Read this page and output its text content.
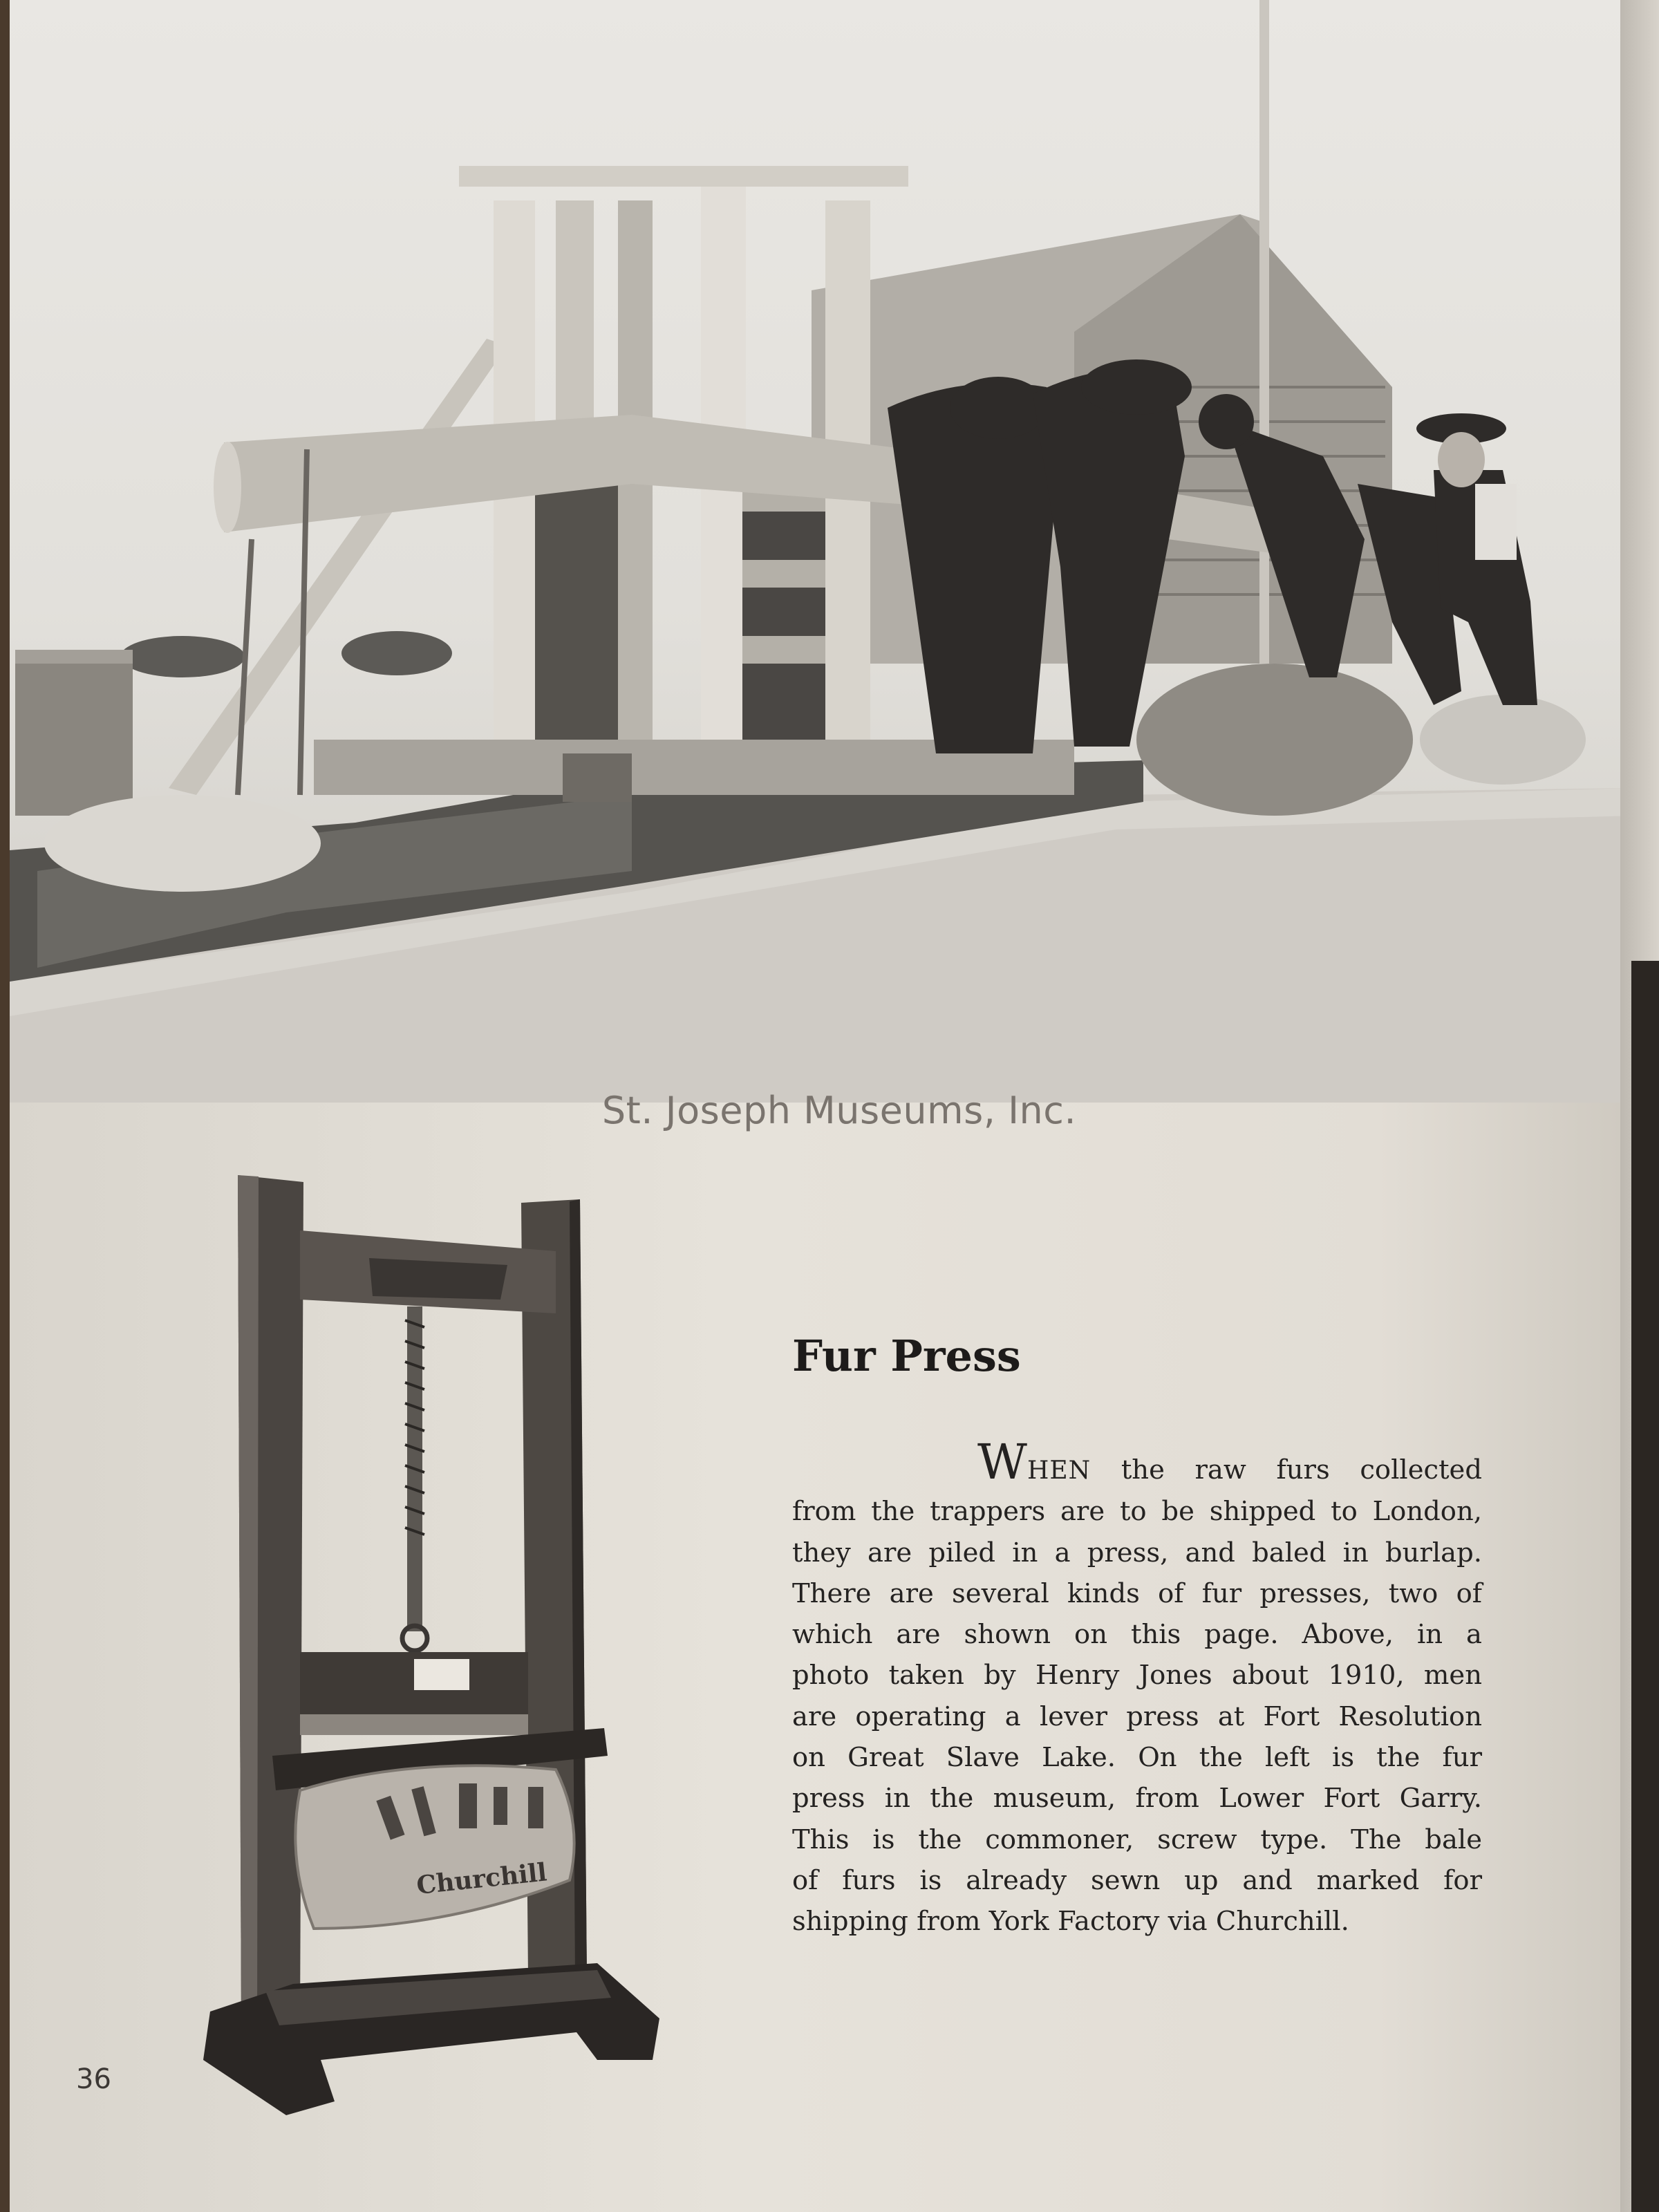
St. Joseph Museums, Inc.
Churchill
Fur Press
WHEN the raw furs collected
from the trappers are to be shipped to London,
they are piled in a press, and baled in burlap.
There are several kinds of fur presses, two of
which are shown on this page. Above, in a
photo taken by Henry Jones about 1910, men
are operating a lever press at Fort Resolution
on Great Slave Lake. On the left is the fur
press in the museum, from Lower Fort Garry.
This is the commoner, screw type. The bale
of furs is already sewn up and marked for
shipping from York Factory via Churchill.
36
